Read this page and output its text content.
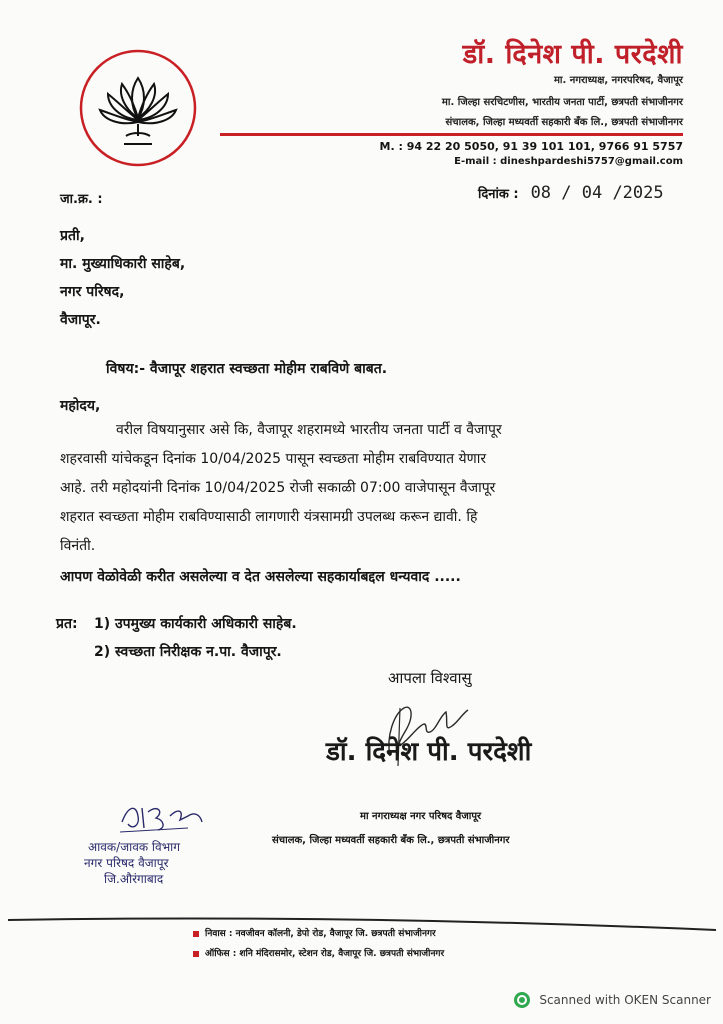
डॉ. दिनेश पी. परदेशी
मा. नगराध्यक्ष, नगरपरिषद, वैजापूर
मा. जिल्हा सरचिटणीस, भारतीय जनता पार्टी, छत्रपती संभाजीनगर
संचालक, जिल्हा मध्यवर्ती सहकारी बँक लि., छत्रपती संभाजीनगर
M. : 94 22 20 5050, 91 39 101 101, 9766 91 5757
E-mail : dineshpardeshi5757@gmail.com
जा.क्र. :	दिनांक : 08 / 04 /2025
प्रती,
मा. मुख्याधिकारी साहेब,
नगर परिषद,
वैजापूर.
विषय:- वैजापूर शहरात स्वच्छता मोहीम राबविणे बाबत.
महोदय,
वरील विषयानुसार असे कि, वैजापूर शहरामध्ये भारतीय जनता पार्टी व वैजापूर
शहरवासी यांचेकडून दिनांक 10/04/2025 पासून स्वच्छता मोहीम राबविण्यात येणार
आहे. तरी महोदयांनी दिनांक 10/04/2025 रोजी सकाळी 07:00 वाजेपासून वैजापूर
शहरात स्वच्छता मोहीम राबविण्यासाठी लागणारी यंत्रसामग्री उपलब्ध करून द्यावी. हि
विनंती.
आपण वेळोवेळी करीत असलेल्या व देत असलेल्या सहकार्याबद्दल धन्यवाद .....
प्रत: 1) उपमुख्य कार्यकारी अधिकारी साहेब.
2) स्वच्छता निरीक्षक न.पा. वैजापूर.
आपला विश्वासु
डॉ. दिनेश पी. परदेशी
मा नगराध्यक्ष नगर परिषद वैजापूर
संचालक, जिल्हा मध्यवर्ती सहकारी बँक लि., छत्रपती संभाजीनगर
आवक/जावक विभाग
नगर परिषद वैजापूर
जि.औरंगाबाद
निवास : नवजीवन कॉलनी, डेपो रोड, वैजापूर जि. छत्रपती संभाजीनगर
ऑफिस : शनि मंदिरासमोर, स्टेशन रोड, वैजापूर जि. छत्रपती संभाजीनगर
Scanned with OKEN Scanner
